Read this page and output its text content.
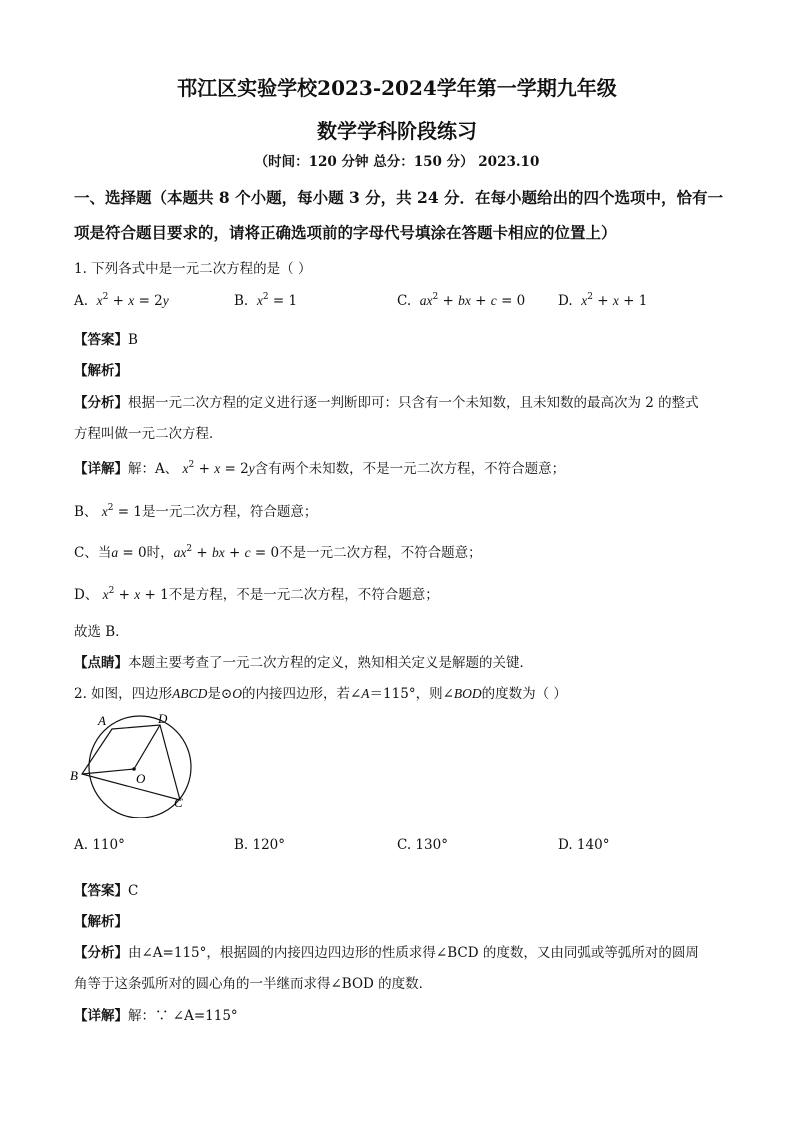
邗江区实验学校2023-2024学年第一学期九年级
数学学科阶段练习
（时间：120 分钟 总分：150 分） 2023.10
一、选择题（本题共 8 个小题，每小题 3 分，共 24 分．在每小题给出的四个选项中，恰有一
项是符合题目要求的，请将正确选项前的字母代号填涂在答题卡相应的位置上）
1. 下列各式中是一元二次方程的是（ ）
A. $x^2 + x = 2y$	B. $x^2 = 1$	C. $ax^2$ + bx + c = 0 D. $x^2 + x + 1$
【答案】B
【解析】
【分析】根据一元二次方程的定义进行逐一判断即可：只含有一个未知数，且未知数的最高次为 2 的整式
方程叫做一元二次方程．
【详解】解：A、 $x^2 + x = 2y$含有两个未知数，不是一元二次方程，不符合题意；
B、 $x^2 = 1$是一元二次方程，符合题意；
C、当a = 0时，$ax^2$ + bx + c = 0不是一元二次方程，不符合题意；
D、 $x^2 + x + 1$不是方程，不是一元二次方程，不符合题意；
故选 B．
【点睛】本题主要考查了一元二次方程的定义，熟知相关定义是解题的关键．
2. 如图，四边形ABCD是⊙O的内接四边形，若∠A＝115°，则∠BOD的度数为（ ）
A	D
B	O
C
A. 110°	B. 120°	C. 130°	D. 140°
【答案】C
【解析】
【分析】由∠A=115°，根据圆的内接四边四边形的性质求得∠BCD 的度数，又由同弧或等弧所对的圆周
角等于这条弧所对的圆心角的一半继而求得∠BOD 的度数．
【详解】解：∵ ∠A=115°
